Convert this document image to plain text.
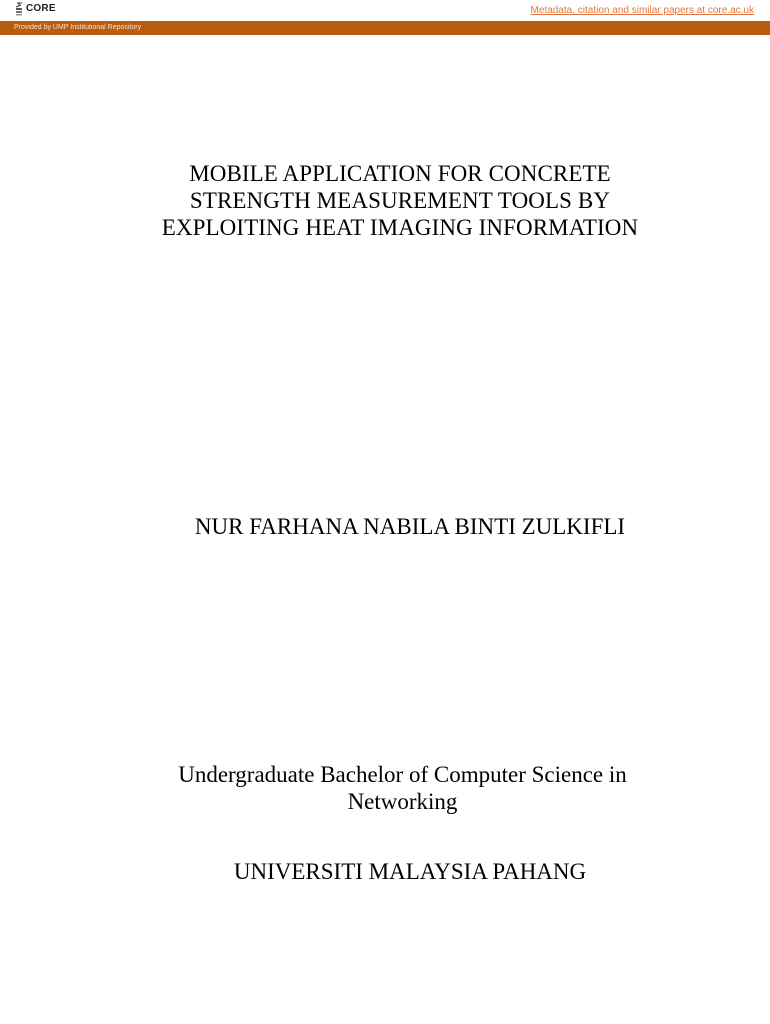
CORE	Metadata, citation and similar papers at core.ac.uk
Provided by UMP Institutional Repository
MOBILE APPLICATION FOR CONCRETE
STRENGTH MEASUREMENT TOOLS BY
EXPLOITING HEAT IMAGING INFORMATION
NUR FARHANA NABILA BINTI ZULKIFLI
Undergraduate Bachelor of Computer Science in
Networking
UNIVERSITI MALAYSIA PAHANG
